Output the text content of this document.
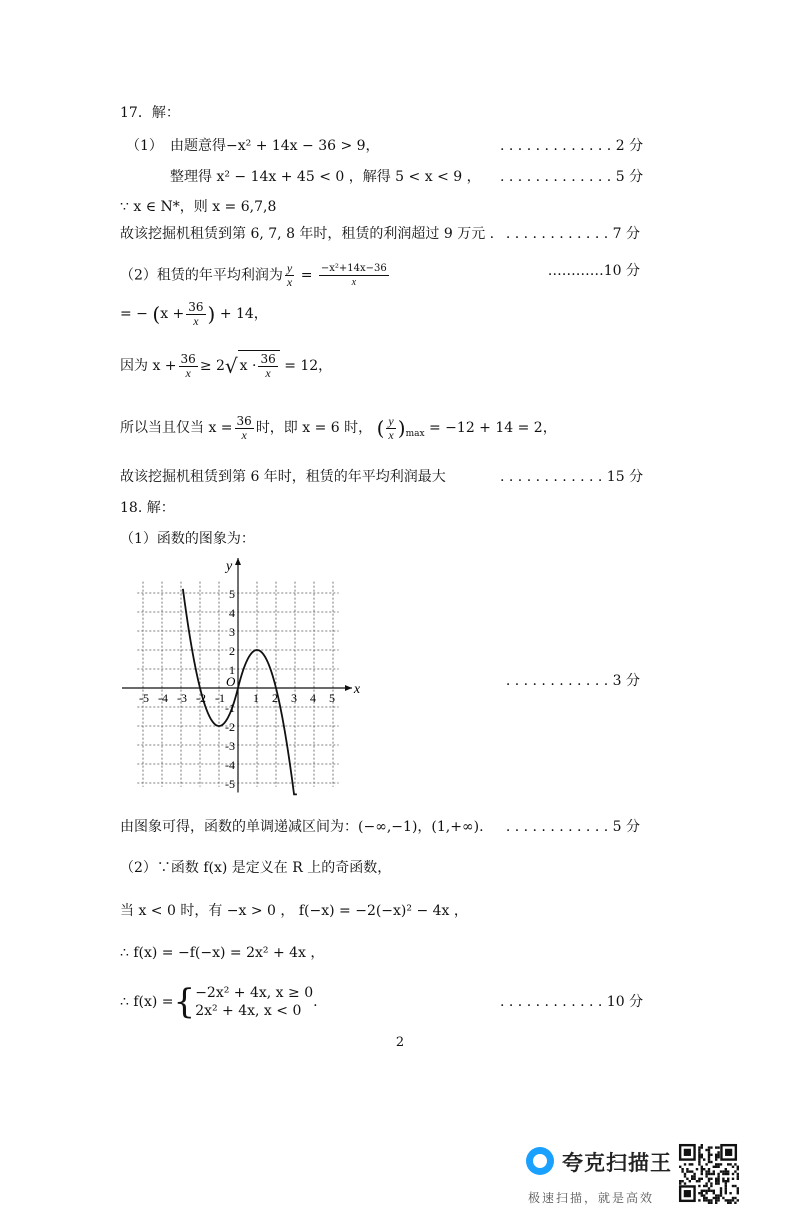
17．解：
（1） 由题意得−x² + 14x − 36 > 9，	. . . . . . . . . . . . . 2 分
整理得 x² − 14x + 45 < 0 ，解得 5 < x < 9 ， . . . . . . . . . . . . . 5 分
∵ x ∈ N*，则 x = 6,7,8
故该挖掘机租赁到第 6, 7, 8 年时，租赁的利润超过 9 万元 . . . . . . . . . . . . . 7 分
（2）租赁的年平均利润为 $\frac{y}{x} = \frac{\text{−x²+14x−36}}{x}$	…………10 分
= − ($x + \frac{36}{x}$ ) + 14，
因为 $x + \frac{36}{x} \ge 2√$ $x \cdot \frac{36}{x} = 12$，
所以当且仅当 $x = \frac{36}{x}$ 时，即 x = 6 时， ( $\frac{y}{x} )_{max} = -12 + 14 = 2$，
故该挖掘机租赁到第 6 年时，租赁的年平均利润最大	. . . . . . . . . . . . 15 分
18. 解：
（1）函数的图象为：
-5 -4 -3 -2 -1 1 2 3 4 5
5
4
3
2
1
-1
-2
-3
-4
-5
y
x
O	. . . . . . . . . . . . 3 分
由图象可得，函数的单调递减区间为：(−∞,−1)，(1,+∞).	. . . . . . . . . . . . 5 分
（2）∵函数 f(x) 是定义在 R 上的奇函数，
当 x < 0 时，有 −x > 0 ， f(−x) = −2(−x)² − 4x ，
∴ f(x) = −f(−x) = 2x² + 4x ，
∴ f(x) ={ −2x² + 4x, x ≥ 0
2x² + 4x, x < 0
.	. . . . . . . . . . . . 10 分
2
夸克扫描王
极速扫描，就是高效
